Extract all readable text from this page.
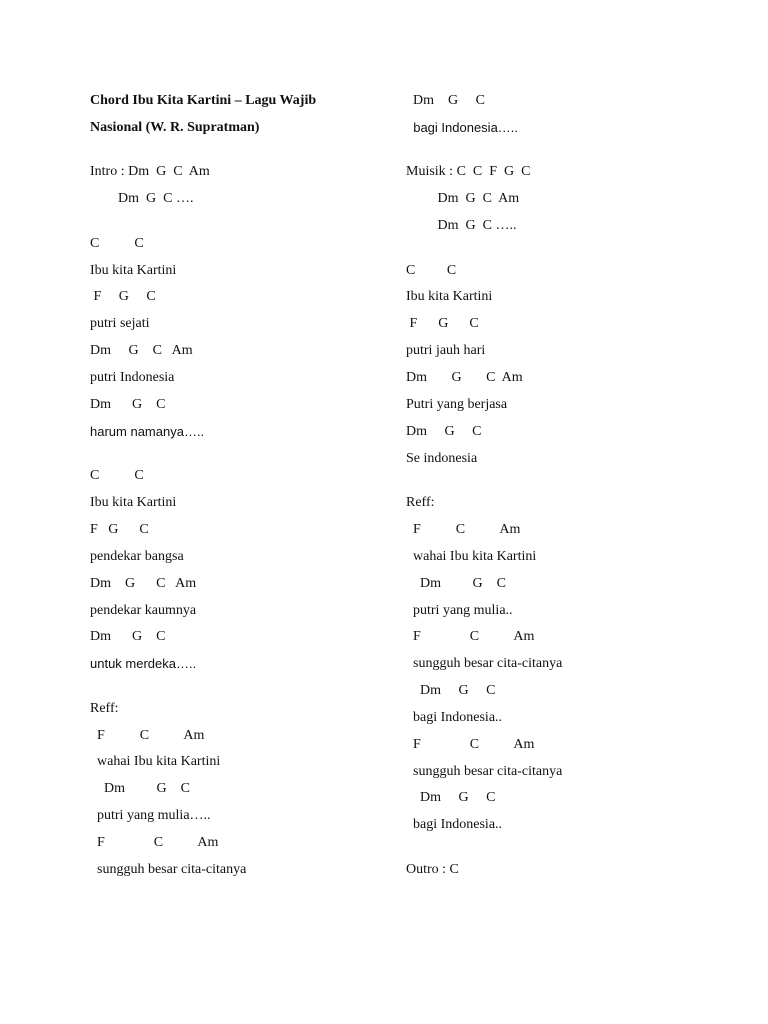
Chord Ibu Kita Kartini – Lagu Wajib
Nasional (W. R. Supratman)
Intro : Dm  G  C  Am
Dm  G  C ….
C          C
Ibu kita Kartini
F     G     C
putri sejati
Dm     G    C   Am
putri Indonesia
Dm      G    C
harum namanya…..
C          C
Ibu kita Kartini
F   G      C
pendekar bangsa
Dm    G      C   Am
pendekar kaumnya
Dm      G    C
untuk merdeka…..
Reff:
F          C          Am
wahai Ibu kita Kartini
Dm         G    C
putri yang mulia…..
F              C          Am
sungguh besar cita-citanya
Dm    G     C
bagi Indonesia…..
Muisik : C  C  F  G  C
Dm  G  C  Am
Dm  G  C …..
C         C
Ibu kita Kartini
F      G      C
putri jauh hari
Dm       G       C  Am
Putri yang berjasa
Dm     G     C
Se indonesia
Reff:
F          C          Am
wahai Ibu kita Kartini
Dm         G    C
putri yang mulia..
F              C          Am
sungguh besar cita-citanya
Dm     G     C
bagi Indonesia..
F              C          Am
sungguh besar cita-citanya
Dm     G     C
bagi Indonesia..
Outro : C
